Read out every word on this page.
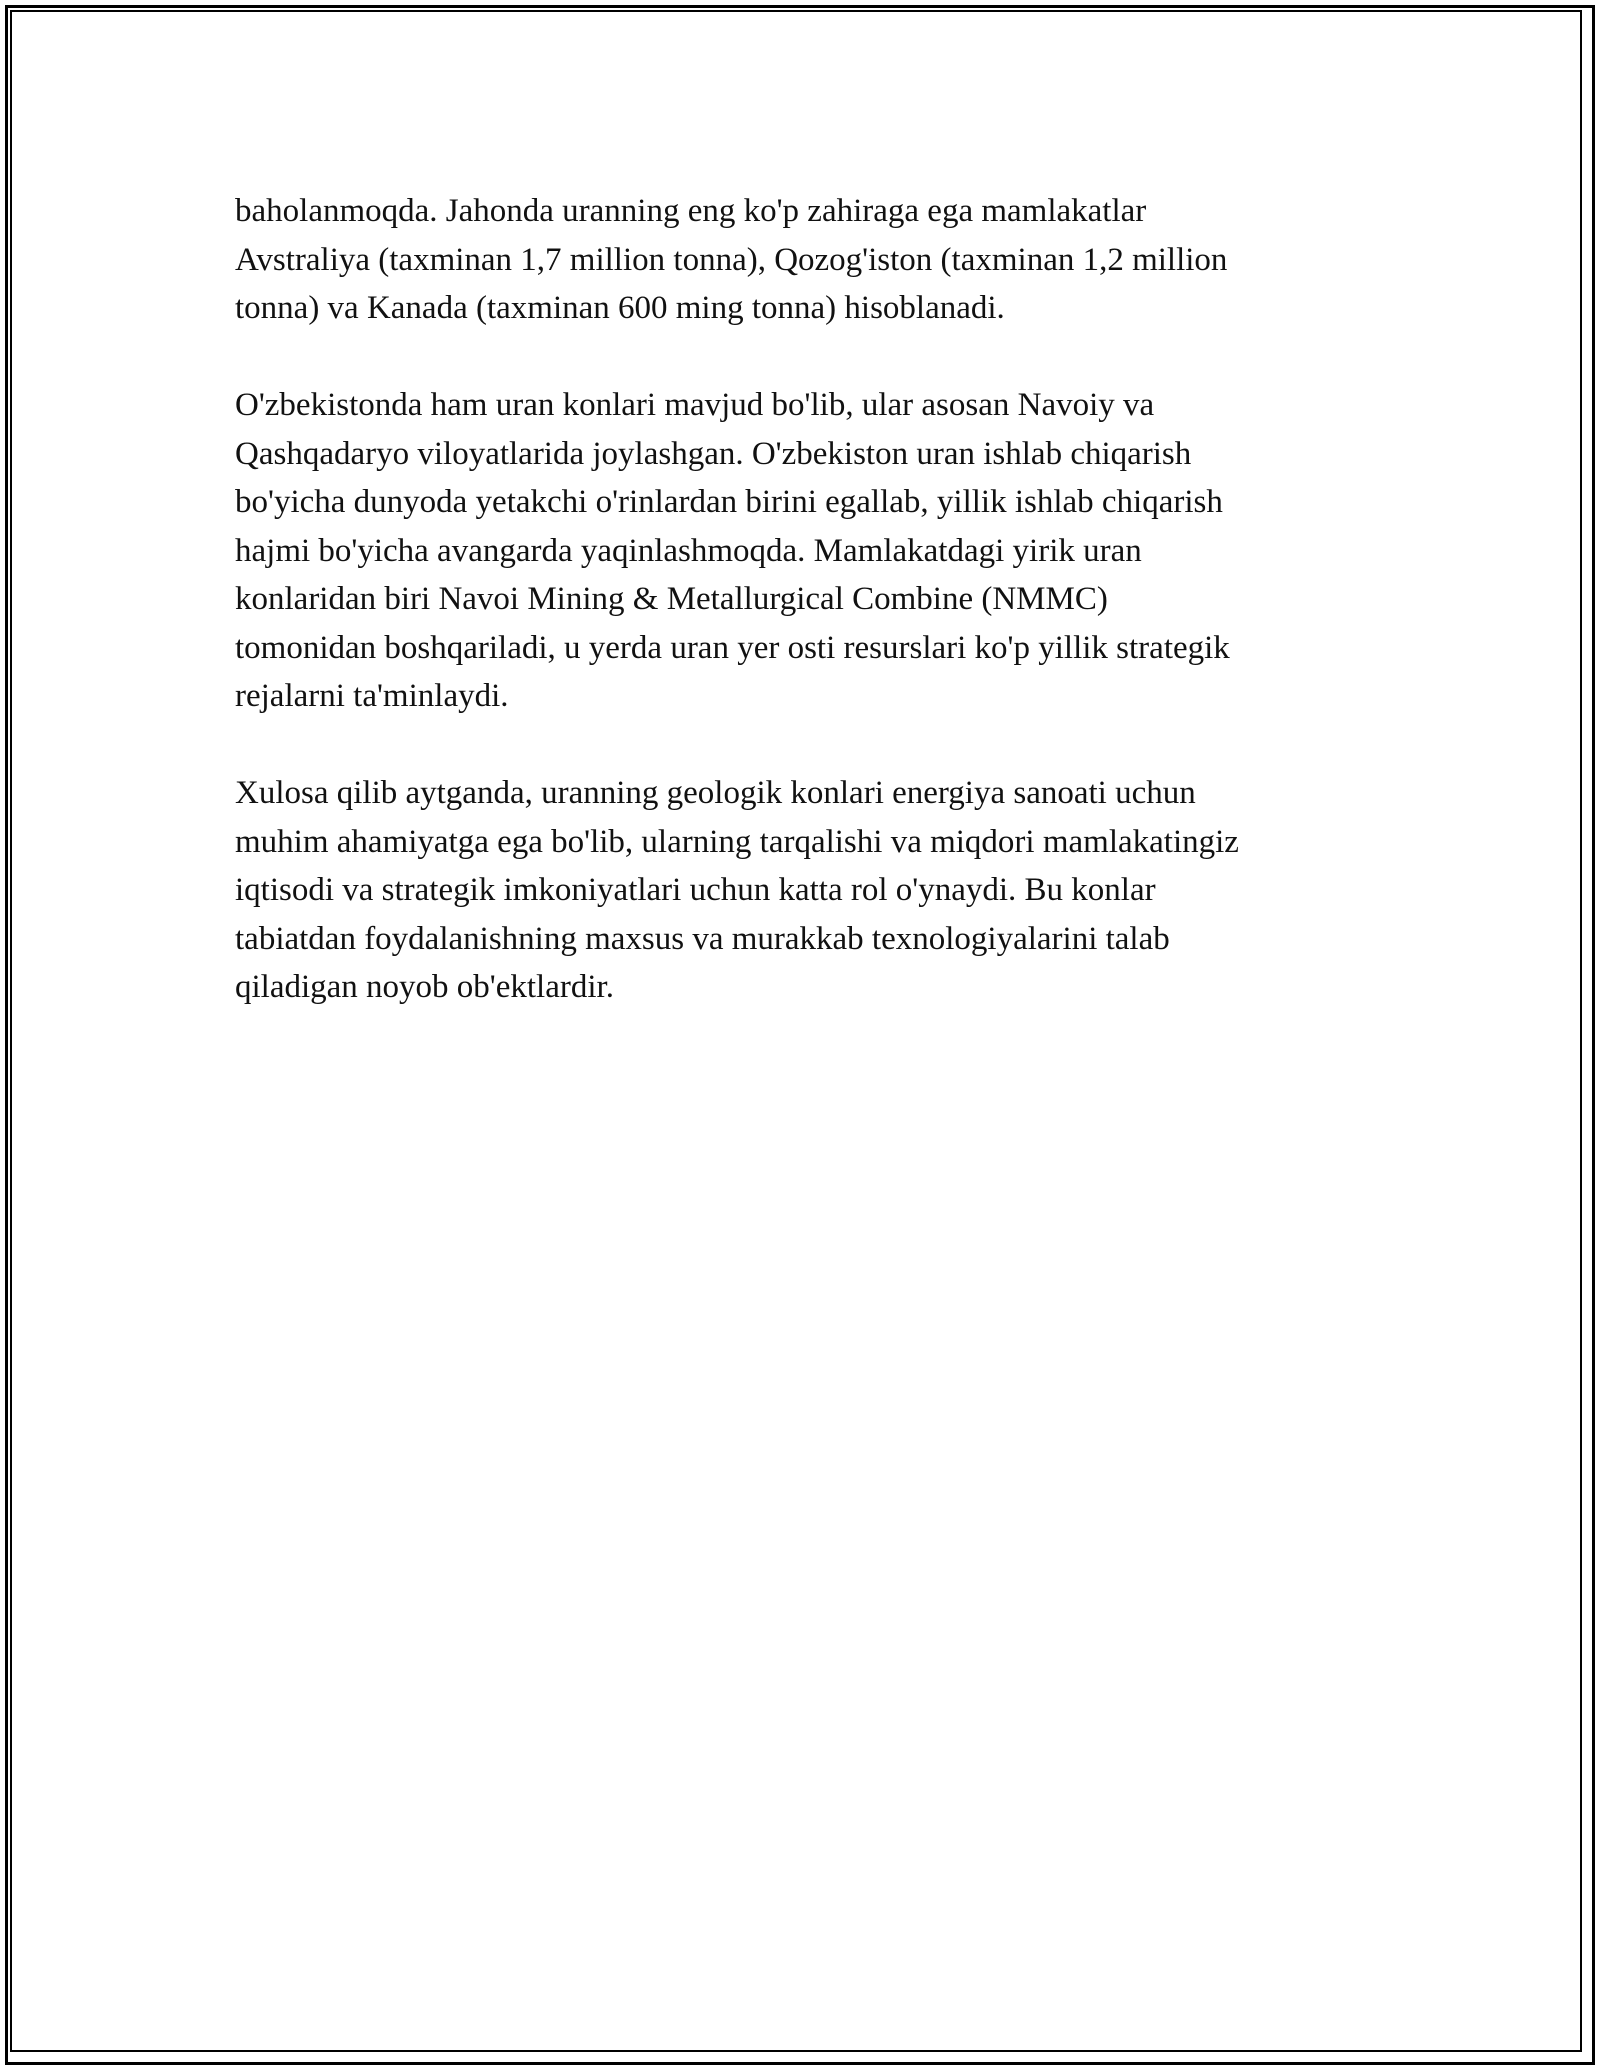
baholanmoqda. Jahonda uranning eng ko'p zahiraga ega mamlakatlar
Avstraliya (taxminan 1,7 million tonna), Qozog'iston (taxminan 1,2 million
tonna) va Kanada (taxminan 600 ming tonna) hisoblanadi.

O'zbekistonda ham uran konlari mavjud bo'lib, ular asosan Navoiy va
Qashqadaryo viloyatlarida joylashgan. O'zbekiston uran ishlab chiqarish
bo'yicha dunyoda yetakchi o'rinlardan birini egallab, yillik ishlab chiqarish
hajmi bo'yicha avangarda yaqinlashmoqda. Mamlakatdagi yirik uran
konlaridan biri Navoi Mining & Metallurgical Combine (NMMC)
tomonidan boshqariladi, u yerda uran yer osti resurslari ko'p yillik strategik
rejalarni ta'minlaydi.

Xulosa qilib aytganda, uranning geologik konlari energiya sanoati uchun
muhim ahamiyatga ega bo'lib, ularning tarqalishi va miqdori mamlakatingiz
iqtisodi va strategik imkoniyatlari uchun katta rol o'ynaydi. Bu konlar
tabiatdan foydalanishning maxsus va murakkab texnologiyalarini talab
qiladigan noyob ob'ektlardir.
